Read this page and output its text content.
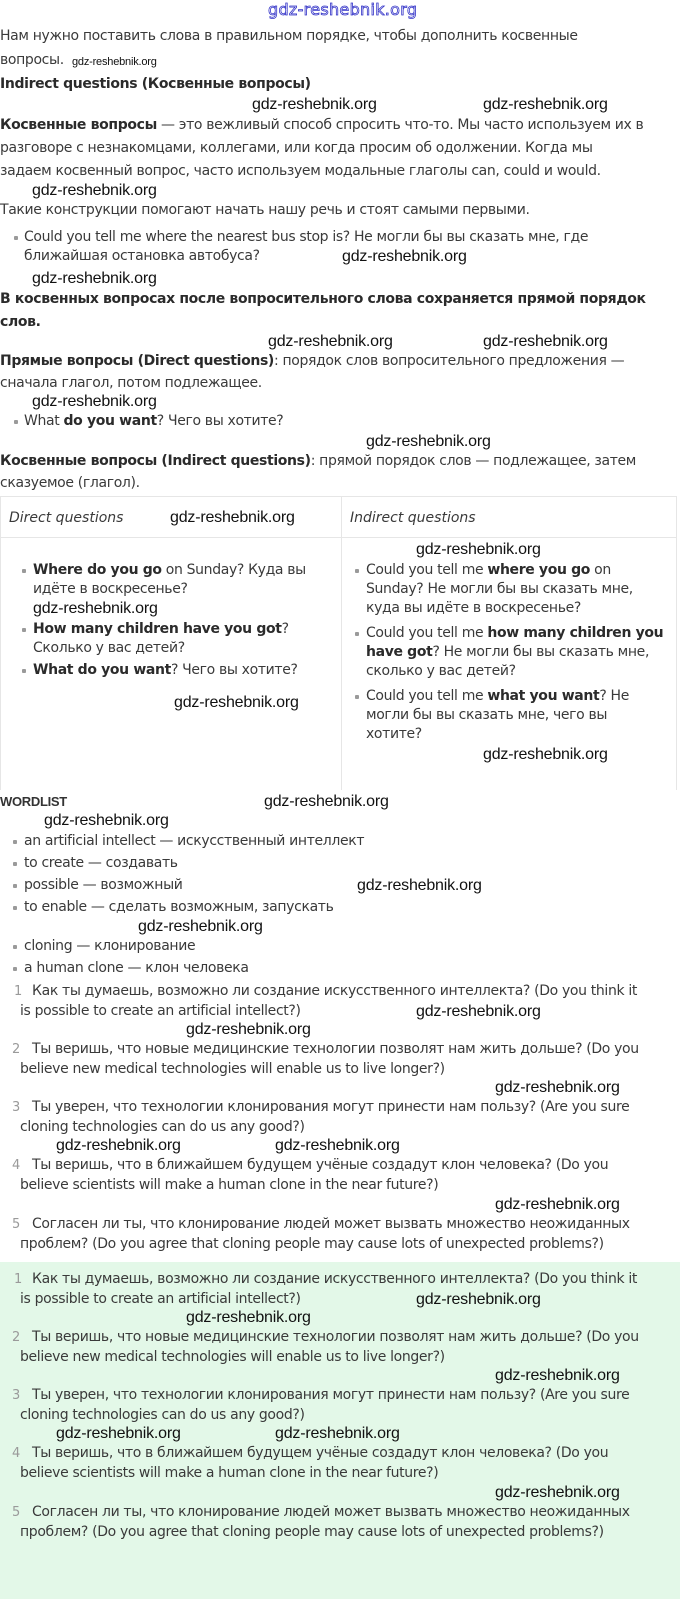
gdz-reshebnik.org
Нам нужно поставить слова в правильном порядке, чтобы дополнить косвенные
вопросы. gdz-reshebnik.org
Indirect questions (Косвенные вопросы)
gdz-reshebnik.org	gdz-reshebnik.org
Косвенные вопросы — это вежливый способ спросить что-то. Мы часто используем их в
разговоре с незнакомцами, коллегами, или когда просим об одолжении. Когда мы
задаем косвенный вопрос, часто используем модальные глаголы can, could и would.
gdz-reshebnik.org
Такие конструкции помогают начать нашу речь и стоят самыми первыми.
Could you tell me where the nearest bus stop is? Не могли бы вы сказать мне, где
ближайшая остановка автобуса?	gdz-reshebnik.org
gdz-reshebnik.org
В косвенных вопросах после вопросительного слова сохраняется прямой порядок
слов.
gdz-reshebnik.org	gdz-reshebnik.org
Прямые вопросы (Direct questions): порядок слов вопросительного предложения —
сначала глагол, потом подлежащее.
gdz-reshebnik.org
What do you want? Чего вы хотите?
gdz-reshebnik.org
Косвенные вопросы (Indirect questions): прямой порядок слов — подлежащее, затем
сказуемое (глагол).
Direct questions	Indirect questions
gdz-reshebnik.org
Where do you go on Sunday? Куда вы
идёте в воскресенье?
gdz-reshebnik.org
How many children have you got?
Сколько у вас детей?
What do you want? Чего вы хотите?
gdz-reshebnik.org
gdz-reshebnik.org
Could you tell me where you go on
Sunday? Не могли бы вы сказать мне,
куда вы идёте в воскресенье?
Could you tell me how many children you
have got? Не могли бы вы сказать мне,
сколько у вас детей?
Could you tell me what you want? Не
могли бы вы сказать мне, чего вы
хотите?
gdz-reshebnik.org
WORDLIST	gdz-reshebnik.org
gdz-reshebnik.org
an artificial intellect — искусственный интеллект
to create — создавать
possible — возможный	gdz-reshebnik.org
to enable — сделать возможным, запускать
gdz-reshebnik.org
cloning — клонирование
a human clone — клон человека
1 Как ты думаешь, возможно ли создание искусственного интеллекта? (Do you think it
is possible to create an artificial intellect?)	gdz-reshebnik.org
gdz-reshebnik.org
2 Ты веришь, что новые медицинские технологии позволят нам жить дольше? (Do you
believe new medical technologies will enable us to live longer?)
gdz-reshebnik.org
3 Ты уверен, что технологии клонирования могут принести нам пользу? (Are you sure
cloning technologies can do us any good?)
gdz-reshebnik.org	gdz-reshebnik.org
4 Ты веришь, что в ближайшем будущем учёные создадут клон человека? (Do you
believe scientists will make a human clone in the near future?)
gdz-reshebnik.org
5 Согласен ли ты, что клонирование людей может вызвать множество неожиданных
проблем? (Do you agree that cloning people may cause lots of unexpected problems?)
1 Как ты думаешь, возможно ли создание искусственного интеллекта? (Do you think it
is possible to create an artificial intellect?)	gdz-reshebnik.org
gdz-reshebnik.org
2 Ты веришь, что новые медицинские технологии позволят нам жить дольше? (Do you
believe new medical technologies will enable us to live longer?)
gdz-reshebnik.org
3 Ты уверен, что технологии клонирования могут принести нам пользу? (Are you sure
cloning technologies can do us any good?)
gdz-reshebnik.org	gdz-reshebnik.org
4 Ты веришь, что в ближайшем будущем учёные создадут клон человека? (Do you
believe scientists will make a human clone in the near future?)
gdz-reshebnik.org
5 Согласен ли ты, что клонирование людей может вызвать множество неожиданных
проблем? (Do you agree that cloning people may cause lots of unexpected problems?)
